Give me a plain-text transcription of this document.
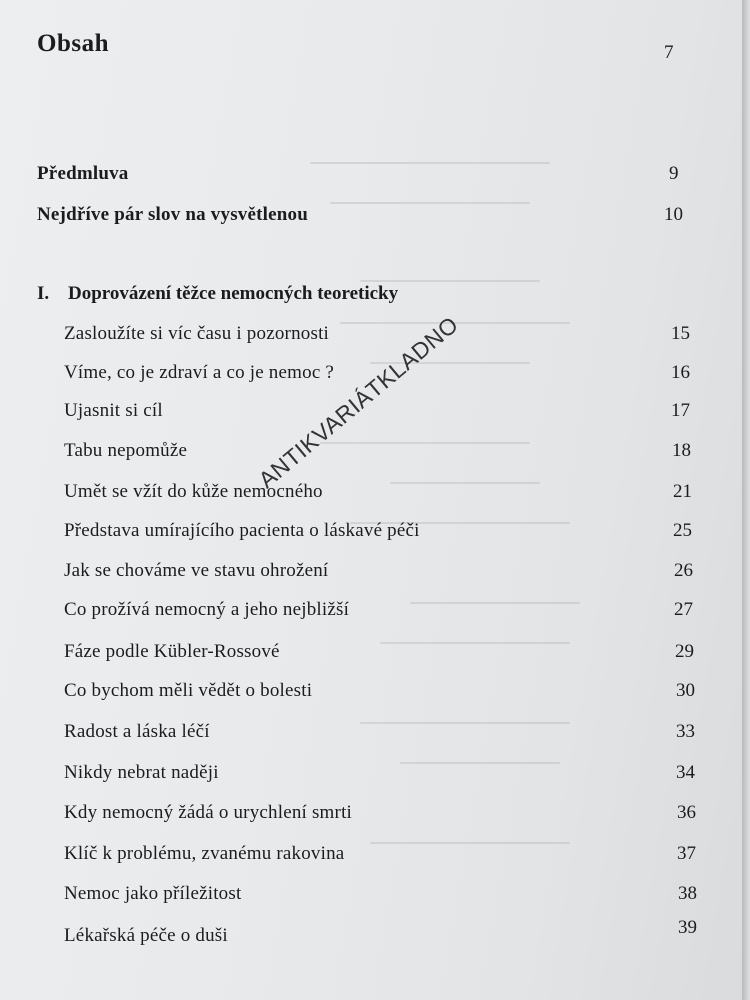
Obsah	7
Předmluva	9
Nejdříve pár slov na vysvětlenou	10
I. Doprovázení těžce nemocných teoreticky
Zasloužíte si víc času i pozornosti	15
Víme, co je zdraví a co je nemoc ?	16
Ujasnit si cíl	17
Tabu nepomůže	18
Umět se vžít do kůže nemocného	21
Představa umírajícího pacienta o láskavé péči	25
Jak se chováme ve stavu ohrožení	26
Co prožívá nemocný a jeho nejbližší	27
Fáze podle Kübler-Rossové	29
Co bychom měli vědět o bolesti	30
Radost a láska léčí	33
Nikdy nebrat naději	34
Kdy nemocný žádá o urychlení smrti	36
Klíč k problému, zvanému rakovina	37
Nemoc jako příležitost	38
Lékařská péče o duši	39
ANTIKVARIÁTKLADNO
